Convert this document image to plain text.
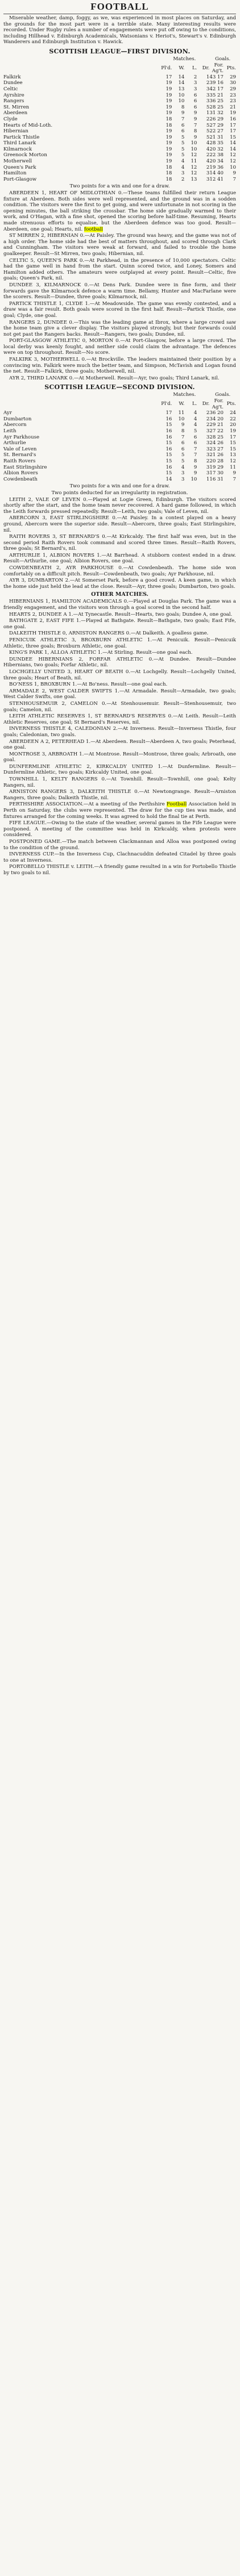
FOOTBALL

Miserable weather, damp, foggy, as we, was experienced in most places on Saturday, and the grounds for the most part were in a terrible state. Many interesting results were recorded. Under Rugby rules a number of engagements were put off owing to the conditions, including Hillhead v. Edinburgh Academicals, Watsonians v. Heriot's, Stewart's v. Edinburgh Wanderers and Edinburgh Institution v. Hawick.

SCOTTISH LEAGUE—FIRST DIVISION.
	Matches.				Goals.	
	Pl'd.	W.	L.	Dr.	For. Ag't.	Pts.
Falkirk	17	14	2	1	43 17	29
Dundee	19	14	3	2	39 16	30
Celtic	19	13	3	3	42 17	29
Ayrshire	19	10	6	3	35 21	23
Rangers	19	10	6	3	36 25	23
St. Mirren	19	8	6	5	28 25	21
Aberdeen	19	9	9	1	31 32	19
Clyde	18	7	9	2	26 29	16
Hearts of Mid-Loth.	18	6	7	5	27 29	17
Hibernian	19	6	8	5	22 27	17
Partick Thistle	19	5	9	5	21 31	15
Third Lanark	19	5	10	4	28 35	14
Kilmarnock	19	5	10	4	20 32	14
Greenock Morton	19	5	12	2	22 38	12
Motherwell	19	4	11	4	20 34	12
Queen's Park	18	4	12	2	19 36	10
Hamilton	18	3	12	3	14 40	9
Port-Glasgow	18	2	13	3	12 41	7
Two points for a win and one for a draw.

ABERDEEN 1, HEART OF MIDLOTHIAN 0.—These teams fulfilled their return League fixture at Aberdeen. Both sides were well represented, and the ground was in a sodden condition. The visitors were the first to get going, and were unfortunate in not scoring in the opening minutes, the ball striking the crossbar. The home side gradually warmed to their work, and O'Hagan, with a fine shot, opened the scoring before half-time. Resuming, Hearts made strenuous efforts to equalise, but the Aberdeen defence was too good. Result—Aberdeen, one goal; Hearts, nil. football

ST MIRREN 2, HIBERNIAN 0.—At Paisley. The ground was heavy, and the game was not of a high order. The home side had the best of matters throughout, and scored through Clark and Cunningham. The visitors were weak at forward, and failed to trouble the home goalkeeper. Result—St Mirren, two goals; Hibernian, nil.

CELTIC 5, QUEEN'S PARK 0.—At Parkhead, in the presence of 10,000 spectators. Celtic had the game well in hand from the start. Quinn scored twice, and Loney, Somers and Hamilton added others. The amateurs were outplayed at every point. Result—Celtic, five goals; Queen's Park, nil.

DUNDEE 3, KILMARNOCK 0.—At Dens Park. Dundee were in fine form, and their forwards gave the Kilmarnock defence a warm time. Bellamy, Hunter and MacFarlane were the scorers. Result—Dundee, three goals; Kilmarnock, nil.

PARTICK THISTLE 1, CLYDE 1.—At Meadowside. The game was evenly contested, and a draw was a fair result. Both goals were scored in the first half. Result—Partick Thistle, one goal; Clyde, one goal.

RANGERS 2, DUNDEE 0.—This was the leading game at Ibrox, where a large crowd saw the home team give a clever display. The visitors played strongly, but their forwards could not get past the Rangers backs. Result—Rangers, two goals; Dundee, nil.

PORT-GLASGOW ATHLETIC 0, MORTON 0.—At Port-Glasgow, before a large crowd. The local derby was keenly fought, and neither side could claim the advantage. The defences were on top throughout. Result—No score.

FALKIRK 3, MOTHERWELL 0.—At Brockville. The leaders maintained their position by a convincing win. Falkirk were much the better team, and Simpson, McTavish and Logan found the net. Result—Falkirk, three goals; Motherwell, nil.

AYR 2, THIRD LANARK 0.—At Motherwell. Result—Ayr, two goals; Third Lanark, nil.

SCOTTISH LEAGUE—SECOND DIVISION.
	Matches.				Goals.	
	Pl'd.	W.	L.	Dr.	For. Ag't.	Pts.
Ayr	17	11	4	2	36 20	24
Dumbarton	16	10	4	2	34 20	22
Abercorn	15	9	4	2	29 21	20
Leith	16	8	5	3	27 22	19
Ayr Parkhouse	16	7	6	3	28 25	17
Arthurlie	15	6	6	3	24 26	15
Vale of Leven	16	6	7	3	23 27	15
St. Bernard's	15	5	7	3	21 26	13
Raith Rovers	15	5	8	2	20 28	12
East Stirlingshire	16	4	9	3	19 29	11
Albion Rovers	15	3	9	3	17 30	9
Cowdenbeath	14	3	10	1	16 31	7
Two points for a win and one for a draw.
Two points deducted for an irregularity in registration.

LEITH 2, VALE OF LEVEN 0.—Played at Logie Green, Edinburgh. The visitors scored shortly after the start, and the home team never recovered. A hard game followed, in which the Leith forwards pressed repeatedly. Result—Leith, two goals; Vale of Leven, nil.

ABERCORN 3, EAST STIRLINGSHIRE 0.—At Paisley. In a contest played on a heavy ground, Abercorn were the superior side. Result—Abercorn, three goals; East Stirlingshire, nil.

RAITH ROVERS 3, ST BERNARD'S 0.—At Kirkcaldy. The first half was even, but in the second period Raith Rovers took command and scored three times. Result—Raith Rovers, three goals; St Bernard's, nil.

ARTHURLIE 1, ALBION ROVERS 1.—At Barrhead. A stubborn contest ended in a draw. Result—Arthurlie, one goal; Albion Rovers, one goal.

COWDENBEATH 2, AYR PARKHOUSE 0.—At Cowdenbeath. The home side won comfortably on a difficult pitch. Result—Cowdenbeath, two goals; Ayr Parkhouse, nil.

AYR 3, DUMBARTON 2.—At Somerset Park, before a good crowd. A keen game, in which the home side just held the lead at the close. Result—Ayr, three goals; Dumbarton, two goals.

OTHER MATCHES.

HIBERNIANS 1, HAMILTON ACADEMICALS 0.—Played at Douglas Park. The game was a friendly engagement, and the visitors won through a goal scored in the second half.

HEARTS 2, DUNDEE A 1.—At Tynecastle. Result—Hearts, two goals; Dundee A, one goal.

BATHGATE 2, EAST FIFE 1.—Played at Bathgate. Result—Bathgate, two goals; East Fife, one goal.

DALKEITH THISTLE 0, ARNISTON RANGERS 0.—At Dalkeith. A goalless game.

PENICUIK ATHLETIC 3, BROXBURN ATHLETIC 1.—At Penicuik. Result—Penicuik Athletic, three goals; Broxburn Athletic, one goal.

KING'S PARK 1, ALLOA ATHLETIC 1.—At Stirling. Result—one goal each.

DUNDEE HIBERNIANS 2, FORFAR ATHLETIC 0.—At Dundee. Result—Dundee Hibernians, two goals; Forfar Athletic, nil.

LOCHGELLY UNITED 3, HEART OF BEATH 0.—At Lochgelly. Result—Lochgelly United, three goals; Heart of Beath, nil.

BO'NESS 1, BROXBURN 1.—At Bo'ness. Result—one goal each.

ARMADALE 2, WEST CALDER SWIFTS 1.—At Armadale. Result—Armadale, two goals; West Calder Swifts, one goal.

STENHOUSEMUIR 2, CAMELON 0.—At Stenhousemuir. Result—Stenhousemuir, two goals; Camelon, nil.

LEITH ATHLETIC RESERVES 1, ST BERNARD'S RESERVES 0.—At Leith. Result—Leith Athletic Reserves, one goal; St Bernard's Reserves, nil.

INVERNESS THISTLE 4, CALEDONIAN 2.—At Inverness. Result—Inverness Thistle, four goals; Caledonian, two goals.

ABERDEEN A 2, PETERHEAD 1.—At Aberdeen. Result—Aberdeen A, two goals; Peterhead, one goal.

MONTROSE 3, ARBROATH 1.—At Montrose. Result—Montrose, three goals; Arbroath, one goal.

DUNFERMLINE ATHLETIC 2, KIRKCALDY UNITED 1.—At Dunfermline. Result—Dunfermline Athletic, two goals; Kirkcaldy United, one goal.

TOWNHILL 1, KELTY RANGERS 0.—At Townhill. Result—Townhill, one goal; Kelty Rangers, nil.

ARNISTON RANGERS 3, DALKEITH THISTLE 0.—At Newtongrange. Result—Arniston Rangers, three goals; Dalkeith Thistle, nil.

PERTHSHIRE ASSOCIATION.—At a meeting of the Perthshire Football Association held in Perth on Saturday, the clubs were represented. The draw for the cup ties was made, and fixtures arranged for the coming weeks. It was agreed to hold the final tie at Perth.

FIFE LEAGUE.—Owing to the state of the weather, several games in the Fife League were postponed. A meeting of the committee was held in Kirkcaldy, when protests were considered.

POSTPONED GAME.—The match between Clackmannan and Alloa was postponed owing to the condition of the ground.

INVERNESS CUP.—In the Inverness Cup, Clachnacuddin defeated Citadel by three goals to one at Inverness.

PORTOBELLO THISTLE v. LEITH.—A friendly game resulted in a win for Portobello Thistle by two goals to nil.
